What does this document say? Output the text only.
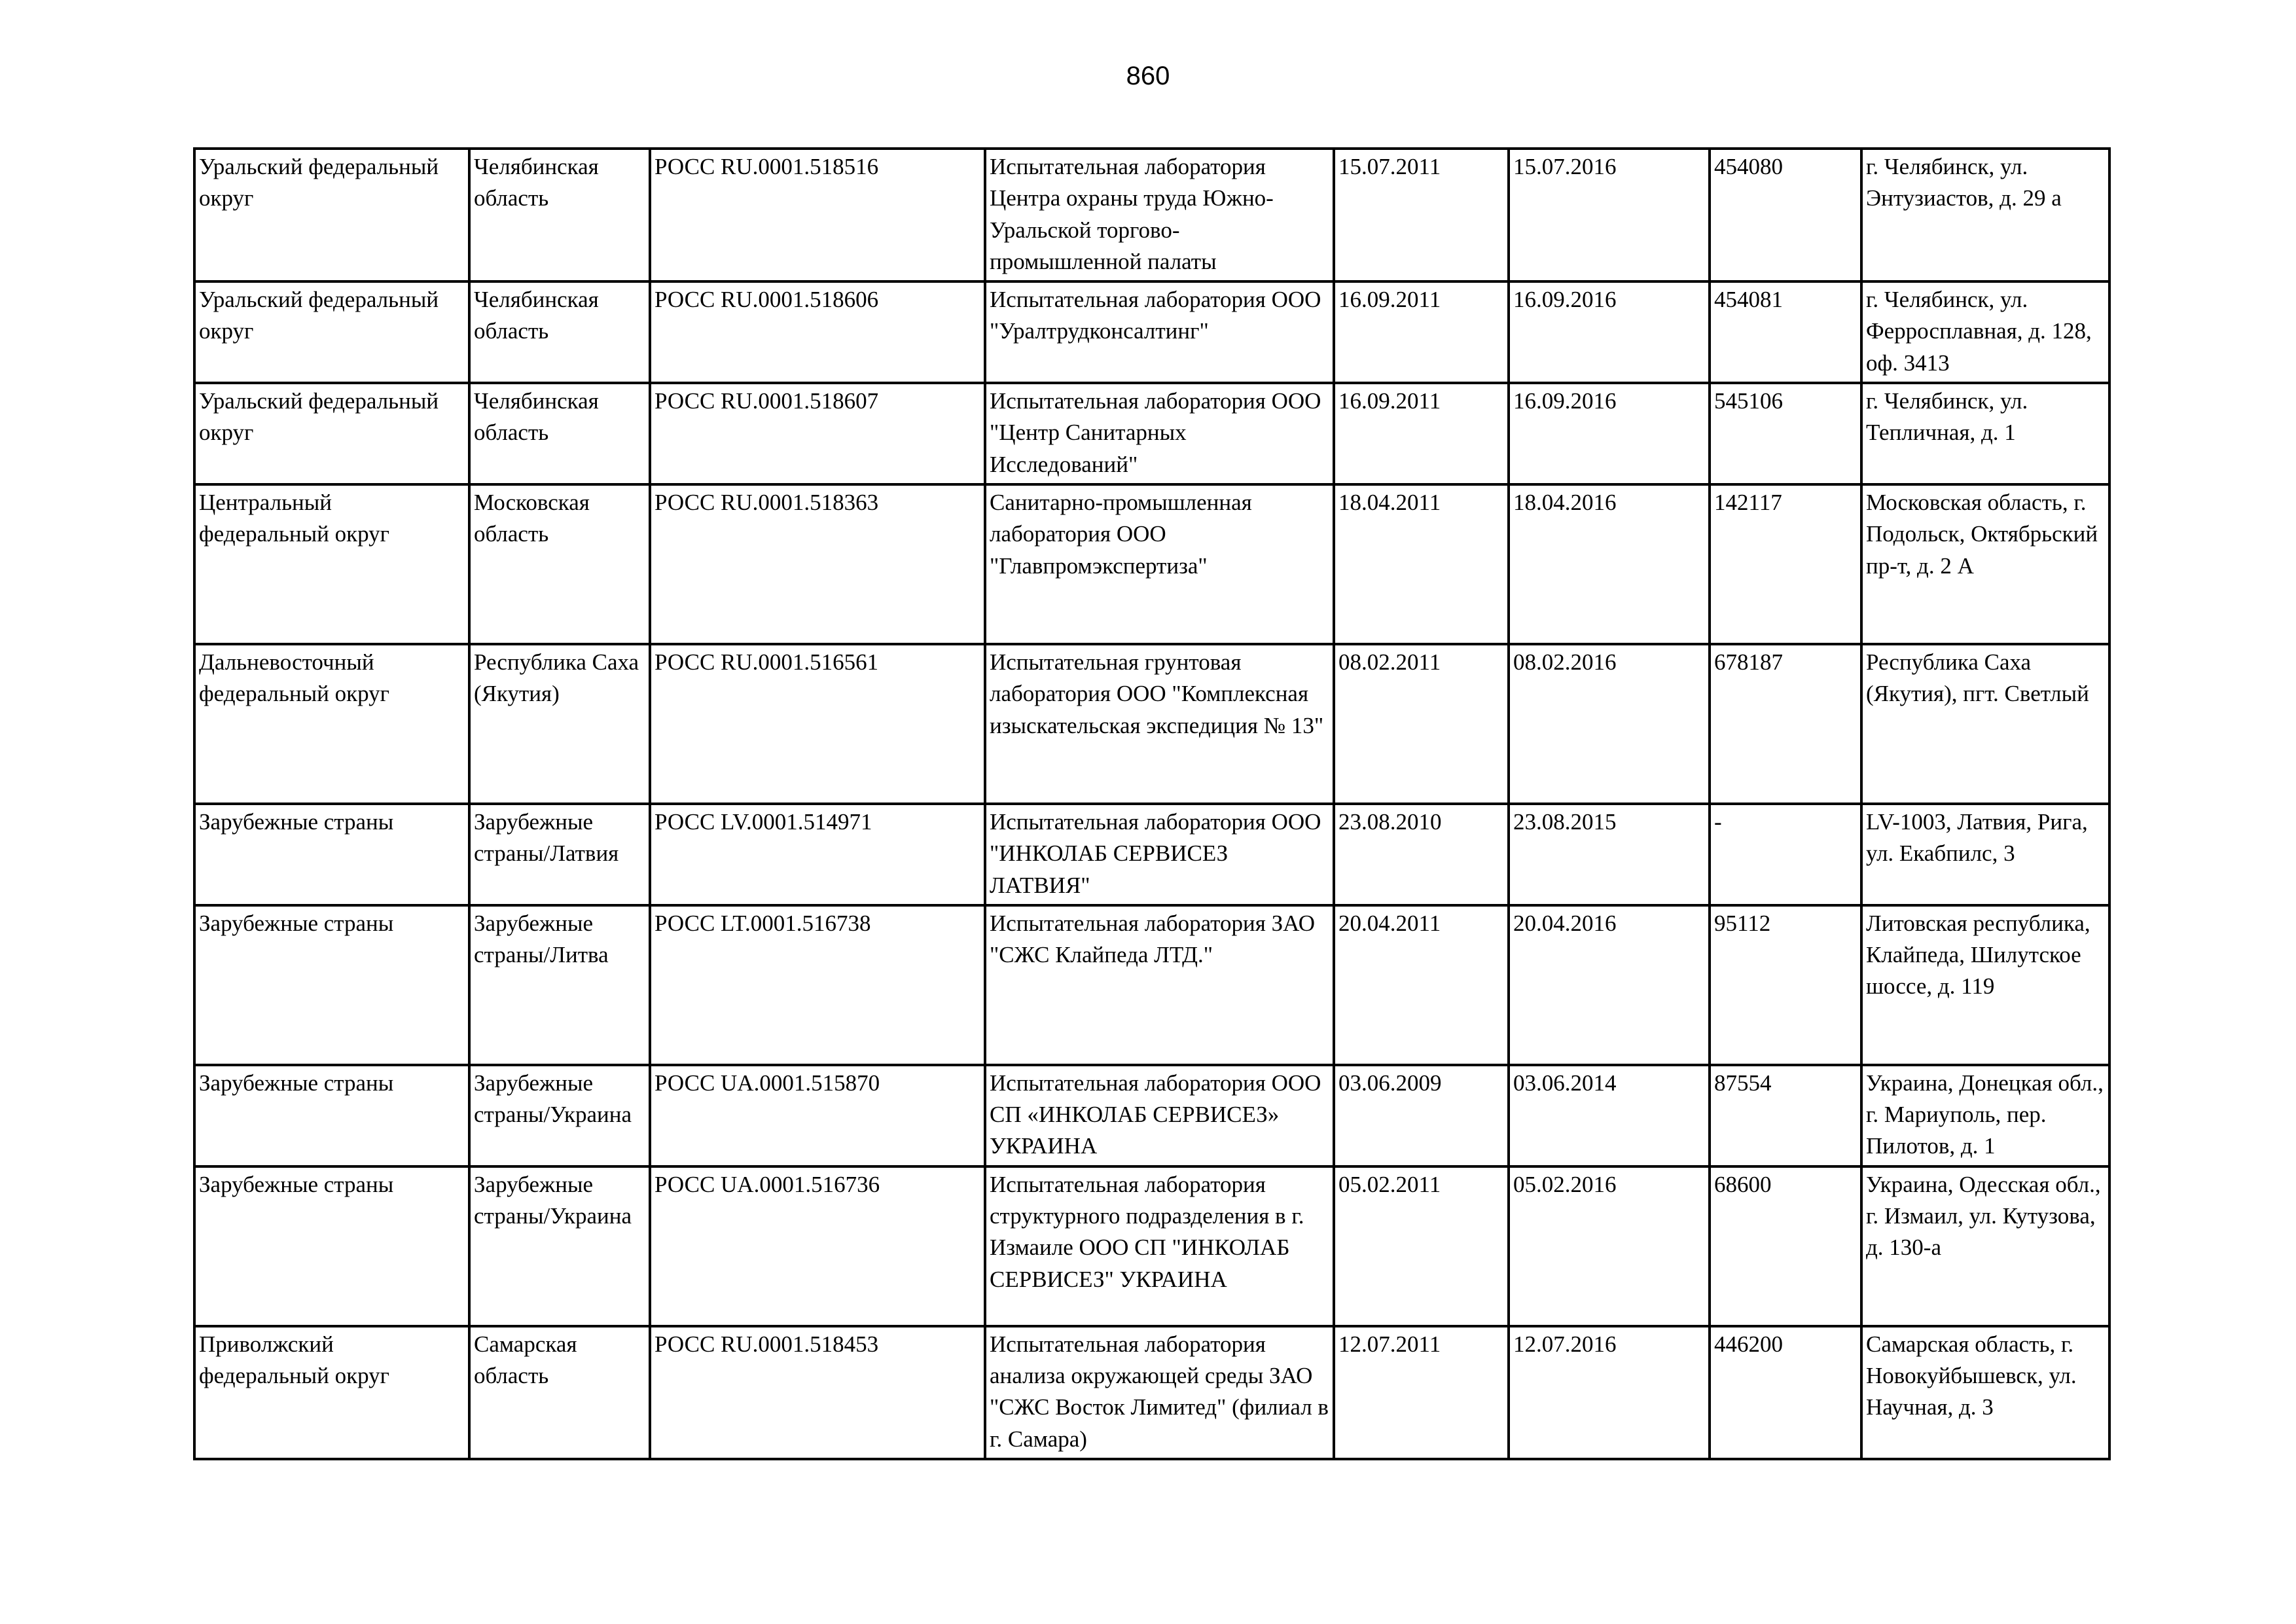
860
Уральский федеральный округ	Челябинская область	РОСС RU.0001.518516	Испытательная лаборатория Центра охраны труда Южно-Уральской торгово-промышленной палаты	15.07.2011	15.07.2016	454080	г. Челябинск, ул. Энтузиастов, д. 29 а
Уральский федеральный округ	Челябинская область	РОСС RU.0001.518606	Испытательная лаборатория ООО "Уралтрудконсалтинг"	16.09.2011	16.09.2016	454081	г. Челябинск, ул. Ферросплавная, д. 128, оф. 3413
Уральский федеральный округ	Челябинская область	РОСС RU.0001.518607	Испытательная лаборатория ООО "Центр Санитарных Исследований"	16.09.2011	16.09.2016	545106	г. Челябинск, ул. Тепличная, д. 1
Центральный федеральный округ	Московская область	РОСС RU.0001.518363	Санитарно-промышленная лаборатория ООО "Главпромэкспертиза"	18.04.2011	18.04.2016	142117	Московская область, г. Подольск, Октябрьский пр-т, д. 2 А
Дальневосточный федеральный округ	Республика Саха (Якутия)	РОСС RU.0001.516561	Испытательная грунтовая лаборатория ООО "Комплексная изыскательская экспедиция № 13"	08.02.2011	08.02.2016	678187	Республика Саха (Якутия), пгт. Светлый
Зарубежные страны	Зарубежные страны/Латвия	РОСС LV.0001.514971	Испытательная лаборатория ООО "ИНКОЛАБ СЕРВИСЕЗ ЛАТВИЯ"	23.08.2010	23.08.2015	-	LV-1003, Латвия, Рига, ул. Екабпилс, 3
Зарубежные страны	Зарубежные страны/Литва	РОСС LT.0001.516738	Испытательная лаборатория ЗАО "СЖС Клайпеда ЛТД."	20.04.2011	20.04.2016	95112	Литовская республика, Клайпеда, Шилутское шоссе, д. 119
Зарубежные страны	Зарубежные страны/Украина	РОСС UA.0001.515870	Испытательная лаборатория ООО СП «ИНКОЛАБ СЕРВИСЕЗ» УКРАИНА	03.06.2009	03.06.2014	87554	Украина, Донецкая обл., г. Мариуполь, пер. Пилотов, д. 1
Зарубежные страны	Зарубежные страны/Украина	РОСС UA.0001.516736	Испытательная лаборатория структурного подразделения в г. Измаиле ООО СП "ИНКОЛАБ СЕРВИСЕЗ" УКРАИНА	05.02.2011	05.02.2016	68600	Украина, Одесская обл., г. Измаил, ул. Кутузова, д. 130-а
Приволжский федеральный округ	Самарская область	РОСС RU.0001.518453	Испытательная лаборатория анализа окружающей среды ЗАО "СЖС Восток Лимитед" (филиал в г. Самара)	12.07.2011	12.07.2016	446200	Самарская область, г. Новокуйбышевск, ул. Научная, д. 3
